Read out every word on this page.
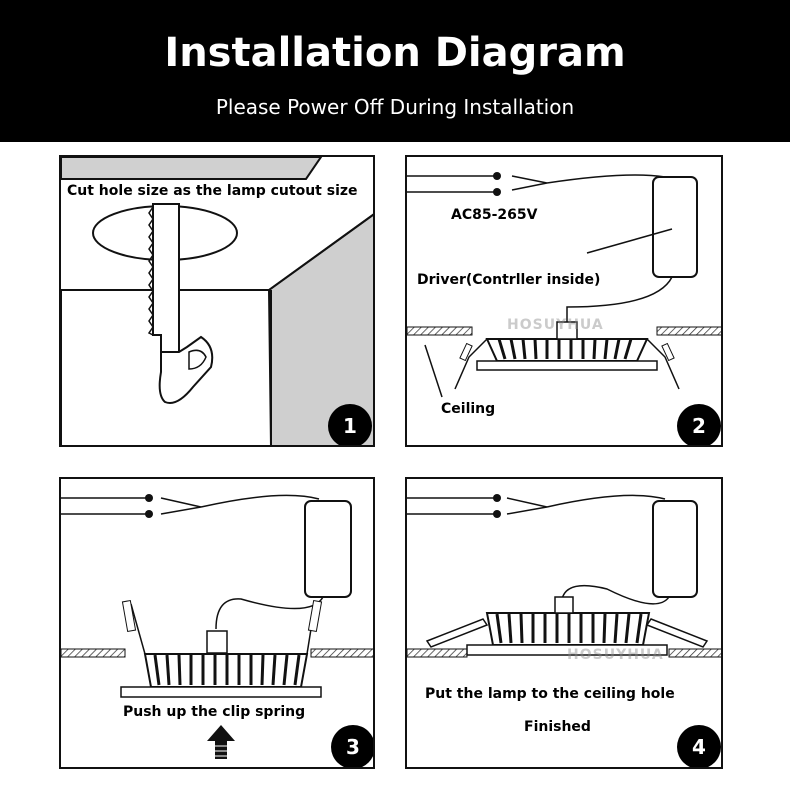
Installation Diagram
Please Power Off During Installation
Cut hole size as the lamp cutout size
1
AC85-265V
Driver(Contrller inside)
Ceiling
HOSUYHUA
2
Push up the clip spring
3
HOSUYHUA
Put the lamp to the ceiling hole
Finished
4
